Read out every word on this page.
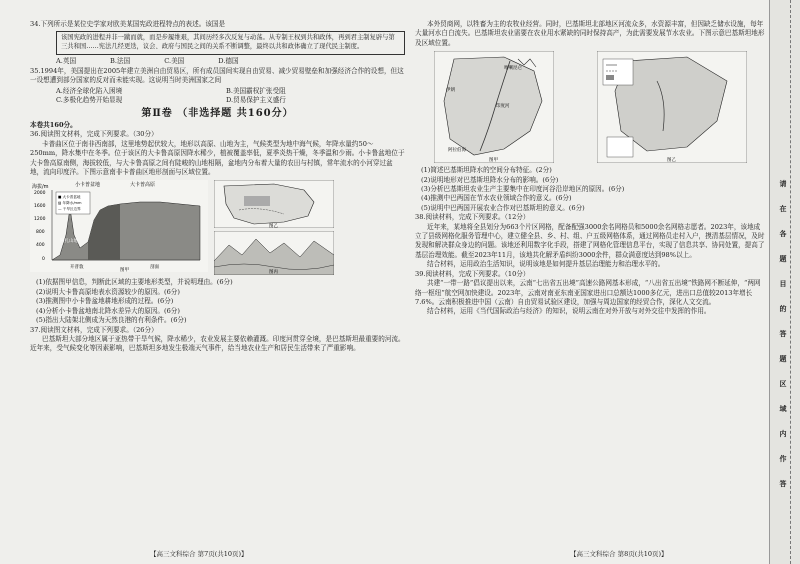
34.下列所示是某位史学家对欧美某国宪政进程特点的表述。该国是

该国宪政的进程并非一蹴而就，而是步履维艰，其间历经多次反复与动荡。从专制王权到共和政体，再到君主制复辟与第三共和国……宪法几经更迭，议会、政府与国民之间的关系不断调整，最终以共和政体确立了现代民主制度。
A.英国	B.法国	C.美国	D.德国

35.1994年，美国提出在2005年建立美洲自由贸易区，所有成员国间实现自由贸易、减少贸易壁垒和加强经济合作的设想，但这一设想遭到部分国家的反对而未能实现。这说明当时美洲国家之间

A.经济全球化陷入困境	B.美国霸权扩张受阻
C.多极化趋势开始显现	D.贸易保护主义盛行
第Ⅱ卷 （非选择题 共160分）

本卷共160分。

36.阅读图文材料，完成下列要求。（30分）

卡普曲区位于南非西南部，这里地势起伏较大，地形以高原、山地为主，气候类型为地中海气候，年降水量约50～250mm，降水集中在冬季。位于该区的大卡鲁高原因降水稀少，植被覆盖率低，夏季炎热干燥，冬季温和少雨。小卡鲁盆地位于大卡鲁高原南侧，海拔较低，与大卡鲁高原之间有陡峻的山地相隔，盆地内分布着大量的农田与村镇，常年流水的小河穿过盆地，流向印度洋。下图示意南非卡普曲区地形剖面与区域位置。

海拔/m	小卡普盆地	大卡普高原
2000
1600
1200
800
400
0
阿扎山地
■ 大卡普盆地
▨ 年降水/mm
— 干旱区边界
开普敦	剖面
图甲
图乙
图丙

(1)依据图甲信息，判断此区域的主要地形类型，并说明理由。(6分)

(2)说明大卡鲁高原地表水资源较少的原因。(6分)

(3)推测图中小卡鲁盆地耕地形成的过程。(6分)

(4)分析小卡鲁盆地南北降水差异大的原因。(6分)

(5)指出大陆架北侧成为天然良港的有利条件。(6分)

37.阅读图文材料，完成下列要求。（26分）

巴基斯坦大部分地区属于亚热带干旱气候，降水稀少，农业发展主要依赖灌溉。印度河贯穿全境，是巴基斯坦最重要的河流。近年来，受气候变化等因素影响，巴基斯坦多地发生极端天气事件，给当地农业生产和居民生活带来了严重影响。

【高三文科综合 第7页(共10页)】

本外贸商网，以牲畜为主的农牧业经营。同时，巴基斯坦北部地区河流众多，水资源丰富，但因缺乏储水设施，每年大量河水白白流失。巴基斯坦农业需要在农业用水紧缺的同时保持高产，为此需要发展节水农业。下图示意巴基斯坦地形及区域位置。

伊朗
印度河
阿拉伯海
喀喇昆仑
图甲	图乙

(1)简述巴基斯坦降水的空间分布特征。(2分)

(2)说明地形对巴基斯坦降水分布的影响。(6分)

(3)分析巴基斯坦农业生产主要集中在印度河谷沿岸地区的原因。(6分)

(4)推测中巴两国在节水农业领域合作的意义。(6分)

(5)说明中巴两国开展农业合作对巴基斯坦的意义。(6分)

38.阅读材料，完成下列要求。（12分）

近年来，某地将全县划分为663个片区网格，配备配强3000余名网格员和5000余名网格志愿者。2023年，该地成立了县级网格化服务管理中心，建立健全县、乡、村、组、户五级网格体系，通过网格员走村入户，摸清基层情况，及时发现和解决群众身边的问题。该地还利用数字化手段，搭建了网格化管理信息平台，实现了信息共享、协同处置，提高了基层治理效能。截至2023年11月，该地共化解矛盾纠纷3000余件，群众满意度达到98%以上。

结合材料，运用政治生活知识，说明该地是如何提升基层治理能力和治理水平的。

39.阅读材料，完成下列要求。（10分）

共建“一带一路”倡议提出以来，云南“七出省五出境”高速公路网基本形成，“八出省五出境”铁路网不断延伸，“两网络一枢纽”航空网加快建设。2023年，云南对南亚东南亚国家进出口总额达1000多亿元，进出口总值较2013年增长7.6%。云南积极推进中国（云南）自由贸易试验区建设，加强与周边国家的经贸合作，深化人文交流。

结合材料，运用《当代国际政治与经济》的知识，说明云南在对外开放与对外交往中发挥的作用。

【高三文科综合 第8页(共10页)】
请在各题目的答题区域内作答
